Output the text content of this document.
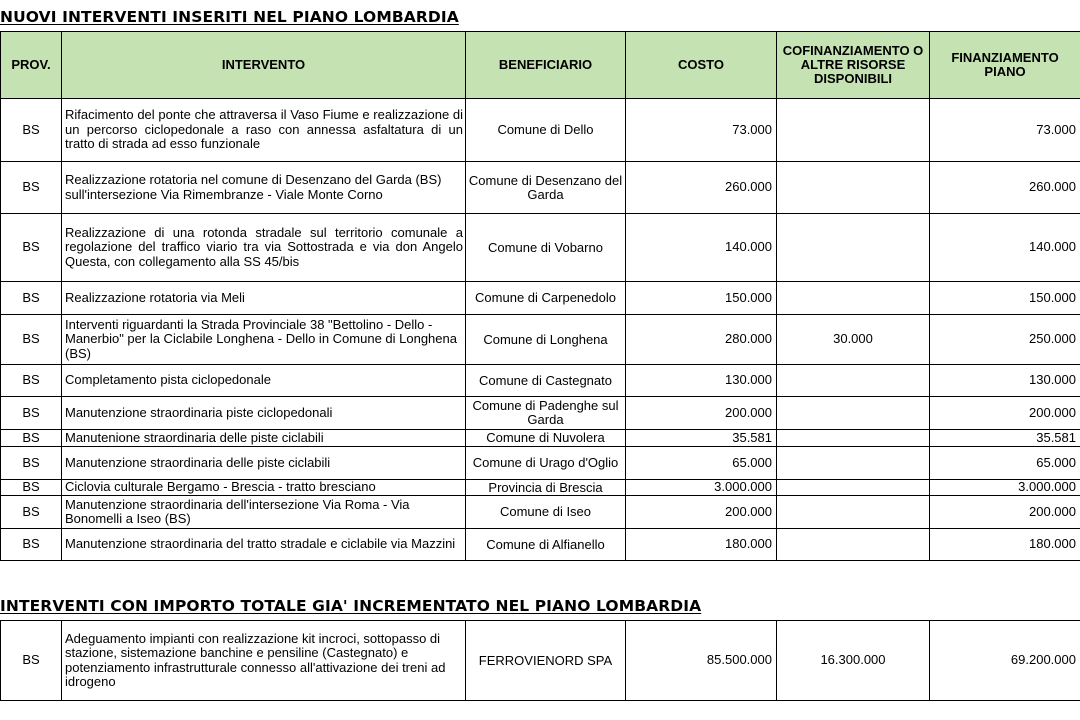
NUOVI INTERVENTI INSERITI NEL PIANO LOMBARDIA
PROV.	INTERVENTO	BENEFICIARIO	COSTO	COFINANZIAMENTO O ALTRE RISORSE DISPONIBILI	FINANZIAMENTO PIANO
BS	Rifacimento del ponte che attraversa il Vaso Fiume e realizzazione di un percorso ciclopedonale a raso con annessa asfaltatura di un tratto di strada ad esso funzionale	Comune di Dello	73.000		73.000
BS	Realizzazione rotatoria nel comune di Desenzano del Garda (BS) sull'intersezione Via Rimembranze - Viale Monte Corno	Comune di Desenzano del Garda	260.000		260.000
BS	Realizzazione di una rotonda stradale sul territorio comunale a regolazione del traffico viario tra via Sottostrada e via don Angelo Questa, con collegamento alla SS 45/bis	Comune di Vobarno	140.000		140.000
BS	Realizzazione rotatoria via Meli	Comune di Carpenedolo	150.000		150.000
BS	Interventi riguardanti la Strada Provinciale 38 "Bettolino - Dello - Manerbio" per la Ciclabile Longhena - Dello in Comune di Longhena (BS)	Comune di Longhena	280.000	30.000	250.000
BS	Completamento pista ciclopedonale	Comune di Castegnato	130.000		130.000
BS	Manutenzione straordinaria piste ciclopedonali	Comune di Padenghe sul Garda	200.000		200.000
BS	Manutenione straordinaria delle piste ciclabili	Comune di Nuvolera	35.581		35.581
BS	Manutenzione straordinaria delle piste ciclabili	Comune di Urago d'Oglio	65.000		65.000
BS	Ciclovia culturale Bergamo - Brescia - tratto bresciano	Provincia di Brescia	3.000.000		3.000.000
BS	Manutenzione straordinaria dell'intersezione Via Roma - Via Bonomelli a Iseo (BS)	Comune di Iseo	200.000		200.000
BS	Manutenzione straordinaria del tratto stradale e ciclabile via Mazzini	Comune di Alfianello	180.000		180.000
INTERVENTI CON IMPORTO TOTALE GIA' INCREMENTATO NEL PIANO LOMBARDIA
BS	Adeguamento impianti con realizzazione kit incroci, sottopasso di stazione, sistemazione banchine e pensiline (Castegnato) e potenziamento infrastrutturale connesso all'attivazione dei treni ad idrogeno	FERROVIENORD SPA	85.500.000	16.300.000	69.200.000
